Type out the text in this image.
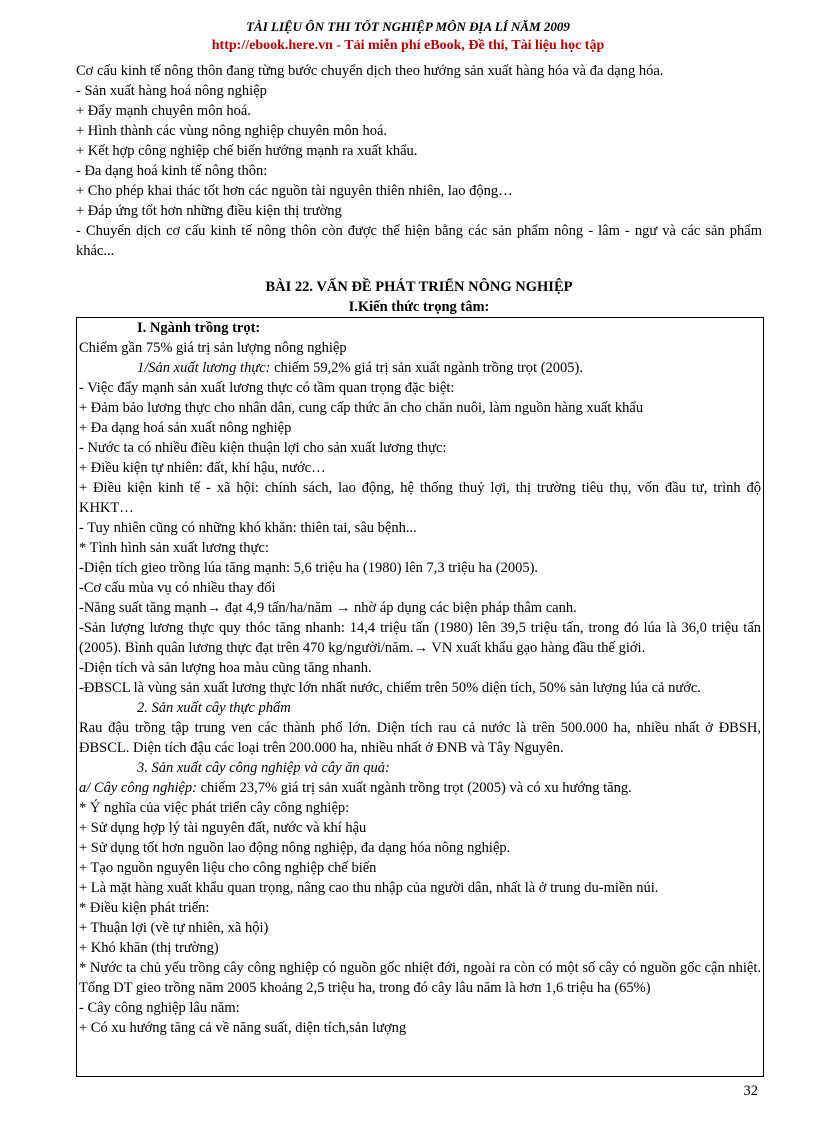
TÀI LIỆU ÔN THI TỐT NGHIỆP MÔN ĐỊA LÍ NĂM 2009
http://ebook.here.vn - Tải miễn phí eBook, Đề thi, Tài liệu học tập

Cơ cấu kinh tế nông thôn đang từng bước chuyển dịch theo hướng sản xuất hàng hóa và đa dạng hóa.

- Sản xuất hàng hoá nông nghiệp

+ Đẩy mạnh chuyên môn hoá.

+ Hình thành các vùng nông nghiệp chuyên môn hoá.

+ Kết hợp công nghiệp chế biến hướng mạnh ra xuất khẩu.

- Đa dạng hoá kinh tế nông thôn:

+ Cho phép khai thác tốt hơn các nguồn tài nguyên thiên nhiên, lao động…

+ Đáp ứng tốt hơn những điều kiện thị trường

- Chuyển dịch cơ cấu kinh tế nông thôn còn được thể hiện bằng các sản phẩm nông - lâm - ngư và các sản phẩm khác...

BÀI 22. VẤN ĐỀ PHÁT TRIỂN NÔNG NGHIỆP
I.Kiến thức trọng tâm:

I. Ngành trồng trọt:

Chiếm gần 75% giá trị sản lượng nông nghiệp

1/Sản xuất lương thực: chiếm 59,2% giá trị sản xuất ngành trồng trọt (2005).

- Việc đẩy mạnh sản xuất lương thực có tầm quan trọng đặc biệt:

+ Đảm bảo lương thực cho nhân dân, cung cấp thức ăn cho chăn nuôi, làm nguồn hàng xuất khẩu

+ Đa dạng hoá sản xuất nông nghiệp

- Nước ta có nhiều điều kiện thuận lợi cho sản xuất lương thực:

+ Điều kiện tự nhiên: đất, khí hậu, nước…

+ Điều kiện kinh tế - xã hội: chính sách, lao động, hệ thống thuỷ lợi, thị trường tiêu thụ, vốn đầu tư, trình độ KHKT…

- Tuy nhiên cũng có những khó khăn: thiên tai, sâu bệnh...

* Tình hình sản xuất lương thực:

-Diện tích gieo trồng lúa tăng mạnh: 5,6 triệu ha (1980) lên 7,3 triệu ha (2005).

-Cơ cấu mùa vụ có nhiều thay đổi

-Năng suất tăng mạnh→ đạt 4,9 tấn/ha/năm → nhờ áp dụng các biện pháp thâm canh.

-Sản lượng lương thực quy thóc tăng nhanh: 14,4 triệu tấn (1980) lên 39,5 triệu tấn, trong đó lúa là 36,0 triệu tấn (2005). Bình quân lương thực đạt trên 470 kg/người/năm.→ VN xuất khẩu gạo hàng đầu thế giới.

-Diện tích và sản lượng hoa màu cũng tăng nhanh.

-ĐBSCL là vùng sản xuất lương thực lớn nhất nước, chiếm trên 50% diện tích, 50% sản lượng lúa cả nước.

2. Sản xuất cây thực phẩm

Rau đậu trồng tập trung ven các thành phố lớn. Diện tích rau cả nước là trên 500.000 ha, nhiều nhất ở ĐBSH, ĐBSCL. Diện tích đậu các loại trên 200.000 ha, nhiều nhất ở ĐNB và Tây Nguyên.

3. Sản xuất cây công nghiệp và cây ăn quả:

a/ Cây công nghiệp: chiếm 23,7% giá trị sản xuất ngành trồng trọt (2005) và có xu hướng tăng.

* Ý nghĩa của việc phát triển cây công nghiệp:

+ Sử dụng hợp lý tài nguyên đất, nước và khí hậu

+ Sử dụng tốt hơn nguồn lao động nông nghiệp, đa dạng hóa nông nghiệp.

+ Tạo nguồn nguyên liệu cho công nghiệp chế biến

+ Là mặt hàng xuất khẩu quan trọng, nâng cao thu nhập của người dân, nhất là ở trung du-miền núi.

* Điều kiện phát triển:

+ Thuận lợi (về tự nhiên, xã hội)

+ Khó khăn (thị trường)

* Nước ta chủ yếu trồng cây công nghiệp có nguồn gốc nhiệt đới, ngoài ra còn có một số cây có nguồn gốc cận nhiệt. Tổng DT gieo trồng năm 2005 khoảng 2,5 triệu ha, trong đó cây lâu năm là hơn 1,6 triệu ha (65%)

- Cây công nghiệp lâu năm:

+ Có xu hướng tăng cả về năng suất, diện tích,sản lượng

32
